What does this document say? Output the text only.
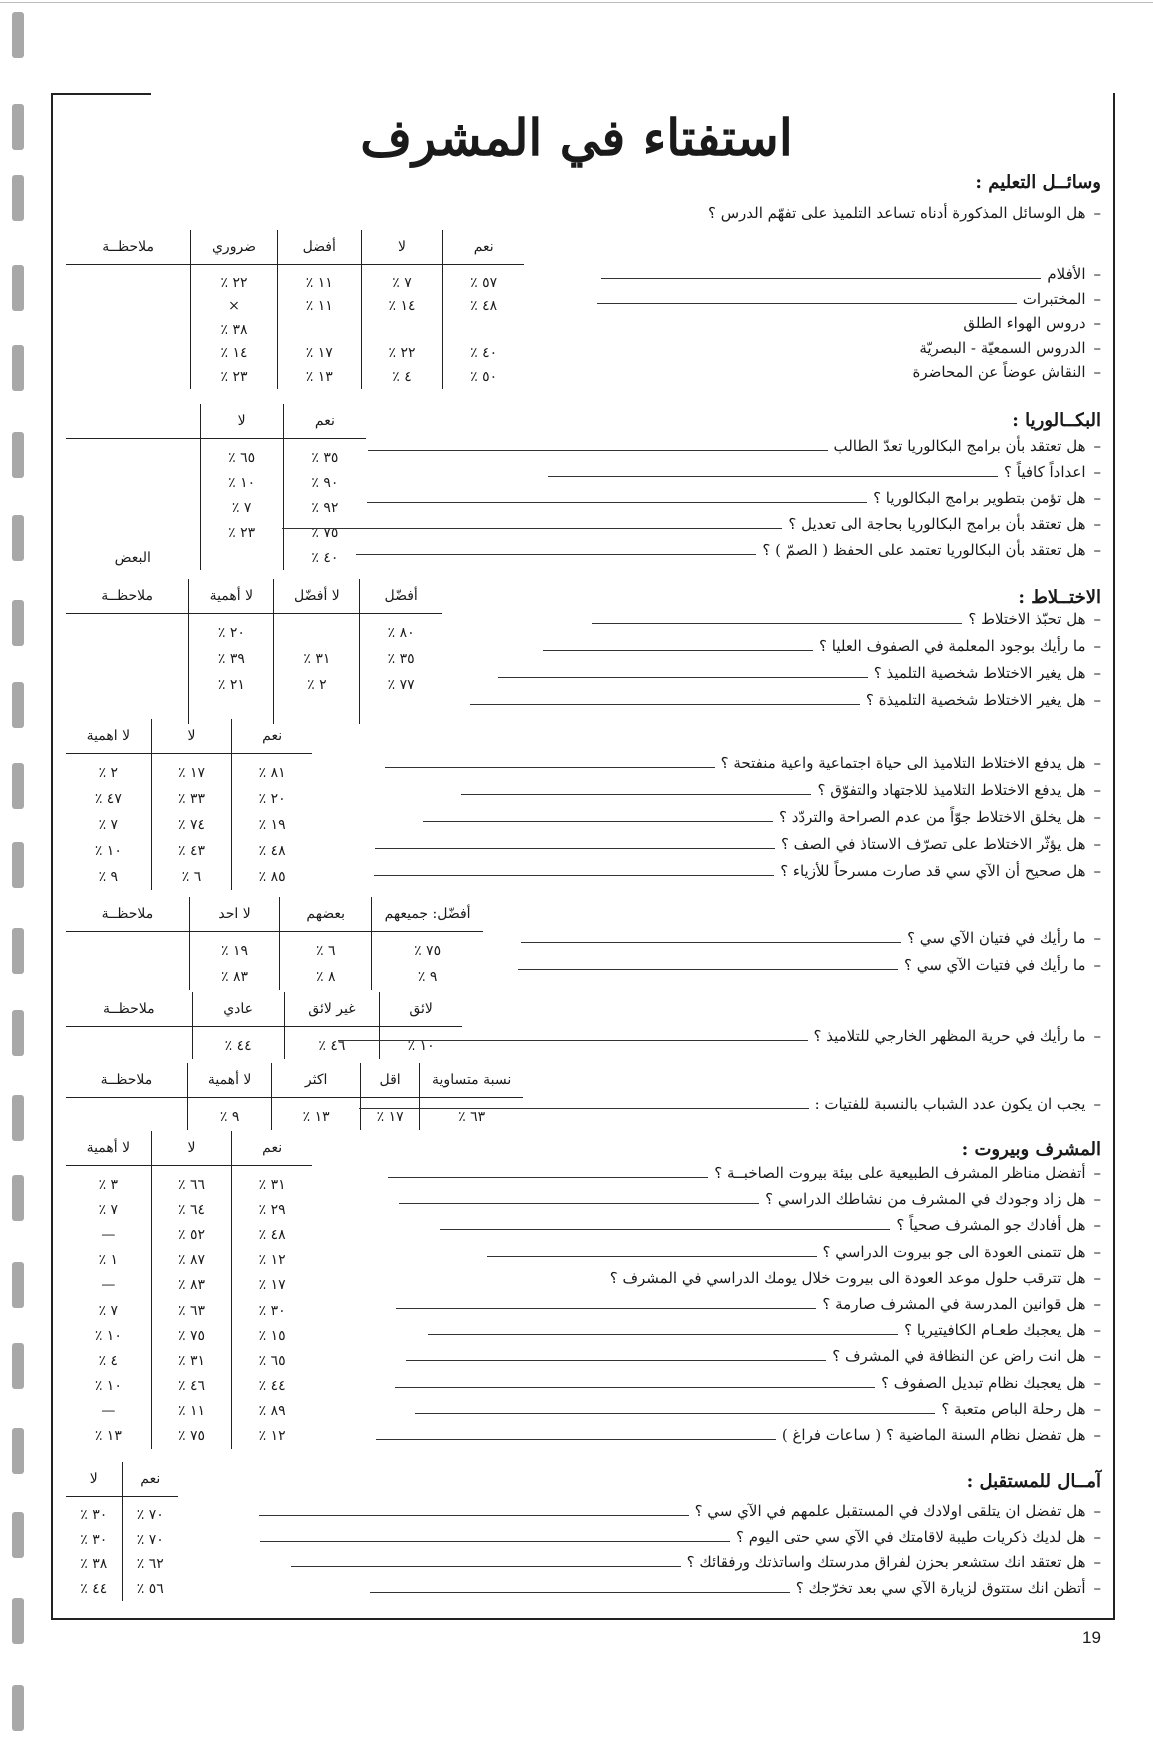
استفتاء في المشرف
وسائــل التعليم :
–هل الوسائل المذكورة أدناه تساعد التلميذ على تفهّم الدرس ؟
نعم	لا	أفضل	ضروري	ملاحظــة

٥٧ ٪	٧ ٪	١١ ٪	٢٢ ٪	
٤٨ ٪	١٤ ٪	١١ ٪	×	
			٣٨ ٪	
٤٠ ٪	٢٢ ٪	١٧ ٪	١٤ ٪	
٥٠ ٪	٤ ٪	١٣ ٪	٢٣ ٪	
–الأفلام
–المختبرات
–دروس الهواء الطلق
–الدروس السمعيّة - البصريّة
–النقاش عوضاً عن المحاضرة
البكــالوريا :
نعم	لا	

٣٥ ٪	٦٥ ٪	
٩٠ ٪	١٠ ٪	
٩٢ ٪	٧ ٪	
٧٥ ٪	٢٣ ٪	
٤٠ ٪		البعض
–هل تعتقد بأن برامج البكالوريا تعدّ الطالب
–اعداداً كافياً ؟
–هل تؤمن بتطوير برامج البكالوريا ؟
–هل تعتقد بأن برامج البكالوريا بحاجة الى تعديل ؟
–هل تعتقد بأن البكالوريا تعتمد على الحفظ ( الصمّ ) ؟
الاختــلاط :
أفضّل	لا أفضّل	لا أهمية	ملاحظــة

٨٠ ٪		٢٠ ٪	
٣٥ ٪	٣١ ٪	٣٩ ٪	
٧٧ ٪	٢ ٪	٢١ ٪	

–هل تحبّذ الاختلاط ؟
–ما رأيك بوجود المعلمة في الصفوف العليا ؟
–هل يغير الاختلاط شخصية التلميذ ؟
–هل يغير الاختلاط شخصية التلميذة ؟
نعم	لا	لا اهمية

٨١ ٪	١٧ ٪	٢ ٪
٢٠ ٪	٣٣ ٪	٤٧ ٪
١٩ ٪	٧٤ ٪	٧ ٪
٤٨ ٪	٤٣ ٪	١٠ ٪
٨٥ ٪	٦ ٪	٩ ٪
–هل يدفع الاختلاط التلاميذ الى حياة اجتماعية واعية منفتحة ؟
–هل يدفع الاختلاط التلاميذ للاجتهاد والتفوّق ؟
–هل يخلق الاختلاط جوّاً من عدم الصراحة والتردّد ؟
–هل يؤثّر الاختلاط على تصرّف الاستاذ في الصف ؟
–هل صحيح أن الآي سي قد صارت مسرحاً للأزياء ؟
أفضّل: جميعهم	بعضهم	لا احد	ملاحظــة

٧٥ ٪	٦ ٪	١٩ ٪	
٩ ٪	٨ ٪	٨٣ ٪	
–ما رأيك في فتيان الآي سي ؟
–ما رأيك في فتيات الآي سي ؟
لائق	غير لائق	عادي	ملاحظــة

١٠ ٪	٤٦ ٪	٤٤ ٪	
–ما رأيك في حرية المظهر الخارجي للتلاميذ ؟
نسبة متساوية	اقل	اكثر	لا أهمية	ملاحظــة

٦٣ ٪	١٧ ٪	١٣ ٪	٩ ٪	
–يجب ان يكون عدد الشباب بالنسبة للفتيات :
المشرف وبيروت :
نعم	لا	لا أهمية

٣١ ٪	٦٦ ٪	٣ ٪
٢٩ ٪	٦٤ ٪	٧ ٪
٤٨ ٪	٥٢ ٪	—
١٢ ٪	٨٧ ٪	١ ٪
١٧ ٪	٨٣ ٪	—
٣٠ ٪	٦٣ ٪	٧ ٪
١٥ ٪	٧٥ ٪	١٠ ٪
٦٥ ٪	٣١ ٪	٤ ٪
٤٤ ٪	٤٦ ٪	١٠ ٪
٨٩ ٪	١١ ٪	—
١٢ ٪	٧٥ ٪	١٣ ٪
–أتفضل مناظر المشرف الطبيعية على بيئة بيروت الصاخبــة ؟
–هل زاد وجودك في المشرف من نشاطك الدراسي ؟
–هل أفادك جو المشرف صحياً ؟
–هل تتمنى العودة الى جو بيروت الدراسي ؟
–هل تترقب حلول موعد العودة الى بيروت خلال يومك الدراسي في المشرف ؟
–هل قوانين المدرسة في المشرف صارمة ؟
–هل يعجبك طعـام الكافيتيريا ؟
–هل انت راض عن النظافة في المشرف ؟
–هل يعجبك نظام تبديل الصفوف ؟
–هل رحلة الباص متعبة ؟
–هل تفضل نظام السنة الماضية ؟ ( ساعات فراغ )
آمــال للمستقبل :
نعم	لا

٧٠ ٪	٣٠ ٪
٧٠ ٪	٣٠ ٪
٦٢ ٪	٣٨ ٪
٥٦ ٪	٤٤ ٪
–هل تفضل ان يتلقى اولادك في المستقبل علمهم في الآي سي ؟
–هل لديك ذكريات طيبة لاقامتك في الآي سي حتى اليوم ؟
–هل تعتقد انك ستشعر بحزن لفراق مدرستك واساتذتك ورفقائك ؟
–أتظن انك ستتوق لزيارة الآي سي بعد تخرّجك ؟
19
